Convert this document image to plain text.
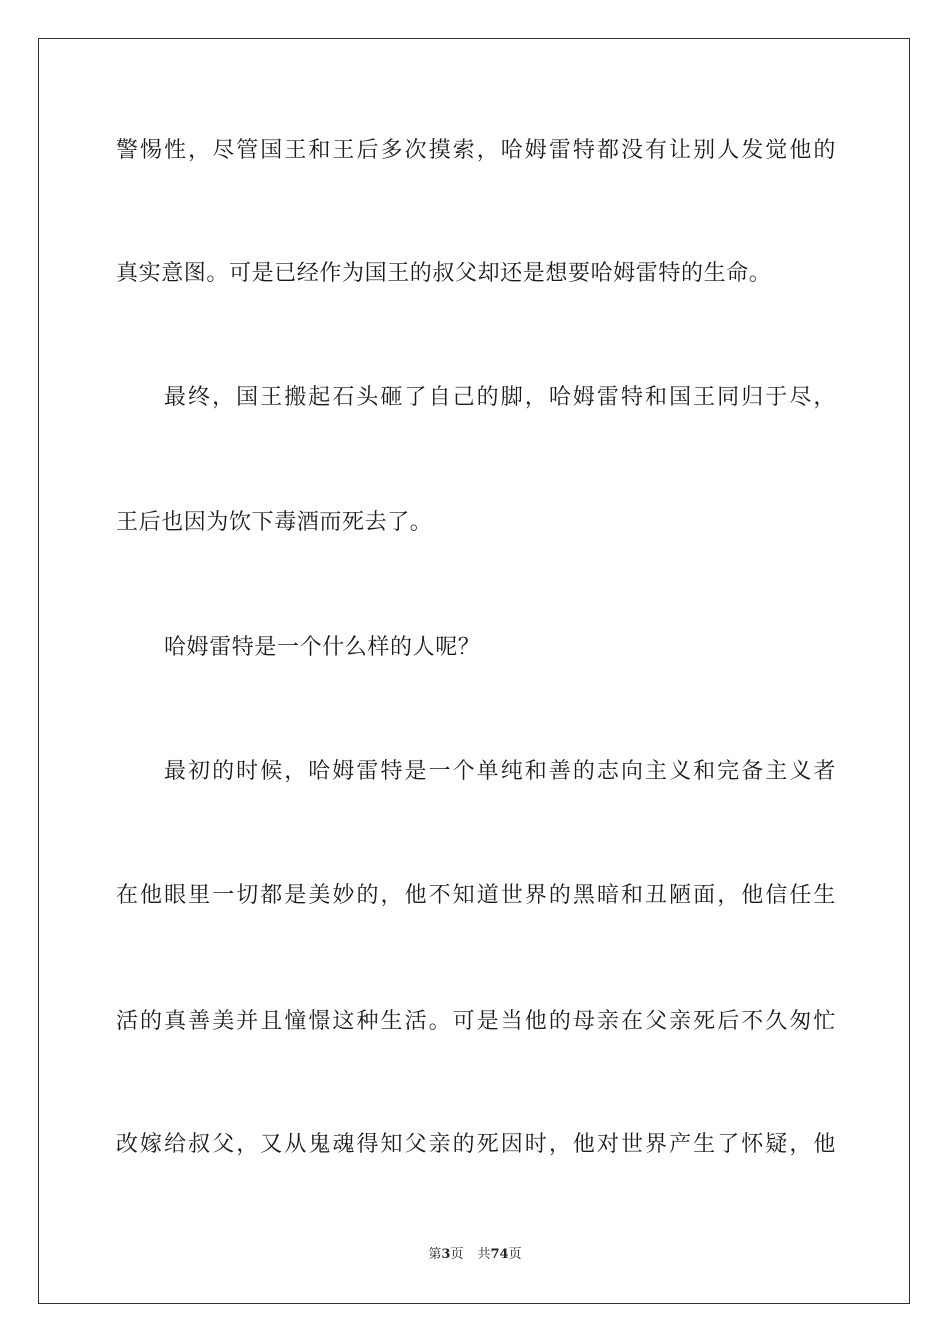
警惕性，尽管国王和王后多次摸索，哈姆雷特都没有让别人发觉他的
真实意图。可是已经作为国王的叔父却还是想要哈姆雷特的生命。
最终，国王搬起石头砸了自己的脚，哈姆雷特和国王同归于尽，
王后也因为饮下毒酒而死去了。
哈姆雷特是一个什么样的人呢？
最初的时候，哈姆雷特是一个单纯和善的志向主义和完备主义者
在他眼里一切都是美妙的，他不知道世界的黑暗和丑陋面，他信任生
活的真善美并且憧憬这种生活。可是当他的母亲在父亲死后不久匆忙
改嫁给叔父，又从鬼魂得知父亲的死因时，他对世界产生了怀疑，他
第3页 共74页
